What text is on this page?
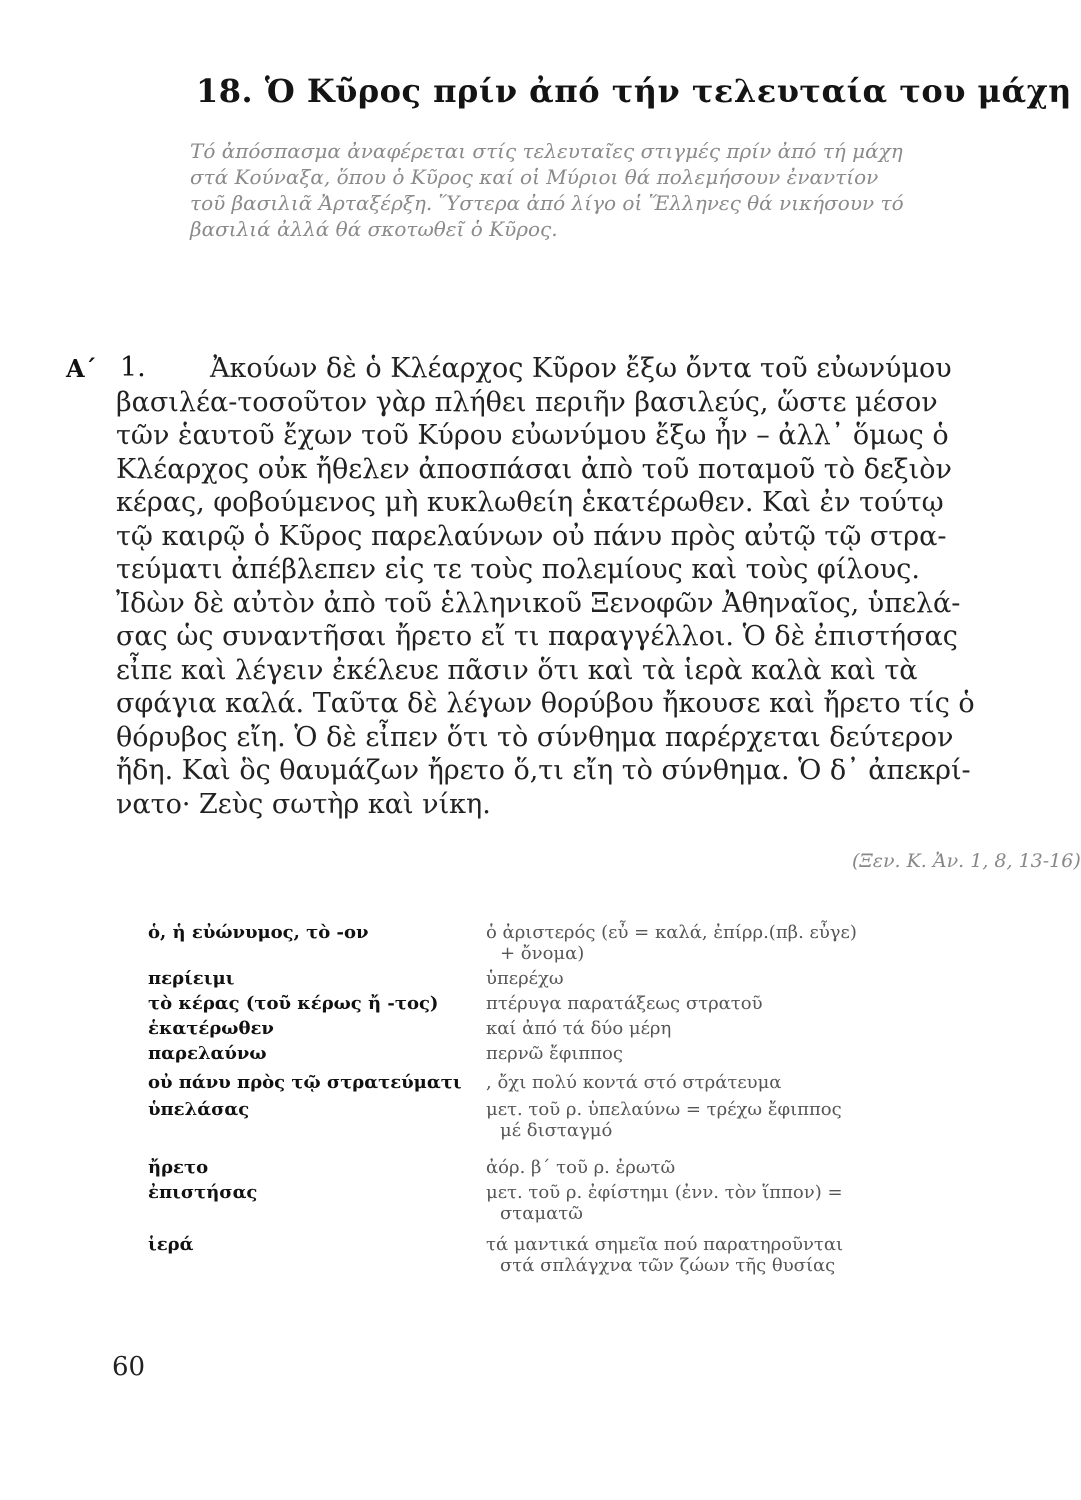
18. Ὁ Κῦρος πρίν ἀπό τήν τελευταία του μάχη
Τό ἀπόσπασμα ἀναφέρεται στίς τελευταῖες στιγμές πρίν ἀπό τή μάχη
στά Κούναξα, ὅπου ὁ Κῦρος καί οἱ Μύριοι θά πολεμήσουν ἐναντίον
τοῦ βασιλιᾶ Ἀρταξέρξη. Ὕστερα ἀπό λίγο οἱ Ἕλληνες θά νικήσουν τό
βασιλιά ἀλλά θά σκοτωθεῖ ὁ Κῦρος.
Α΄ 1. Ἀκούων δὲ ὁ Κλέαρχος Κῦρον ἔξω ὄντα τοῦ εὐωνύμου
βασιλέα-τοσοῦτον γὰρ πλήθει περιῆν βασιλεύς, ὥστε μέσον
τῶν ἑαυτοῦ ἔχων τοῦ Κύρου εὐωνύμου ἔξω ἦν – ἀλλ᾽ ὅμως ὁ
Κλέαρχος οὐκ ἤθελεν ἀποσπάσαι ἀπὸ τοῦ ποταμοῦ τὸ δεξιὸν
κέρας, φοβούμενος μὴ κυκλωθείη ἑκατέρωθεν. Καὶ ἐν τούτῳ
τῷ καιρῷ ὁ Κῦρος παρελαύνων οὐ πάνυ πρὸς αὐτῷ τῷ στρα-
τεύματι ἀπέβλεπεν εἰς τε τοὺς πολεμίους καὶ τοὺς φίλους.
Ἰδὼν δὲ αὐτὸν ἀπὸ τοῦ ἑλληνικοῦ Ξενοφῶν Ἀθηναῖος, ὑπελά-
σας ὡς συναντῆσαι ἤρετο εἴ τι παραγγέλλοι. Ὁ δὲ ἐπιστήσας
εἶπε καὶ λέγειν ἐκέλευε πᾶσιν ὅτι καὶ τὰ ἱερὰ καλὰ καὶ τὰ
σφάγια καλά. Ταῦτα δὲ λέγων θορύβου ἤκουσε καὶ ἤρετο τίς ὁ
θόρυβος εἴη. Ὁ δὲ εἶπεν ὅτι τὸ σύνθημα παρέρχεται δεύτερον
ἤδη. Καὶ ὃς θαυμάζων ἤρετο ὅ,τι εἴη τὸ σύνθημα. Ὁ δ᾽ ἀπεκρί-
νατο· Ζεὺς σωτὴρ καὶ νίκη.
(Ξεν. Κ. Ἀν. 1, 8, 13-16)
ὁ, ἡ εὐώνυμος, τὸ -ον	ὁ ἀριστερός (εὖ = καλά, ἐπίρρ.(πβ. εὖγε)
+ ὄνομα)
περίειμι	ὑπερέχω
τὸ κέρας (τοῦ κέρως ἤ -τος)	πτέρυγα παρατάξεως στρατοῦ
ἑκατέρωθεν	καί ἀπό τά δύο μέρη
παρελαύνω	περνῶ ἔφιππος
οὐ πάνυ πρὸς τῷ στρατεύματι	, ὄχι πολύ κοντά στό στράτευμα
ὑπελάσας	μετ. τοῦ ρ. ὑπελαύνω = τρέχω ἔφιππος
μέ δισταγμό
ἤρετο	ἀόρ. β΄ τοῦ ρ. ἐρωτῶ
ἐπιστήσας	μετ. τοῦ ρ. ἐφίστημι (ἐνν. τὸν ἵππον) =
σταματῶ
ἱερά	τά μαντικά σημεῖα πού παρατηροῦνται
στά σπλάγχνα τῶν ζώων τῆς θυσίας
60
